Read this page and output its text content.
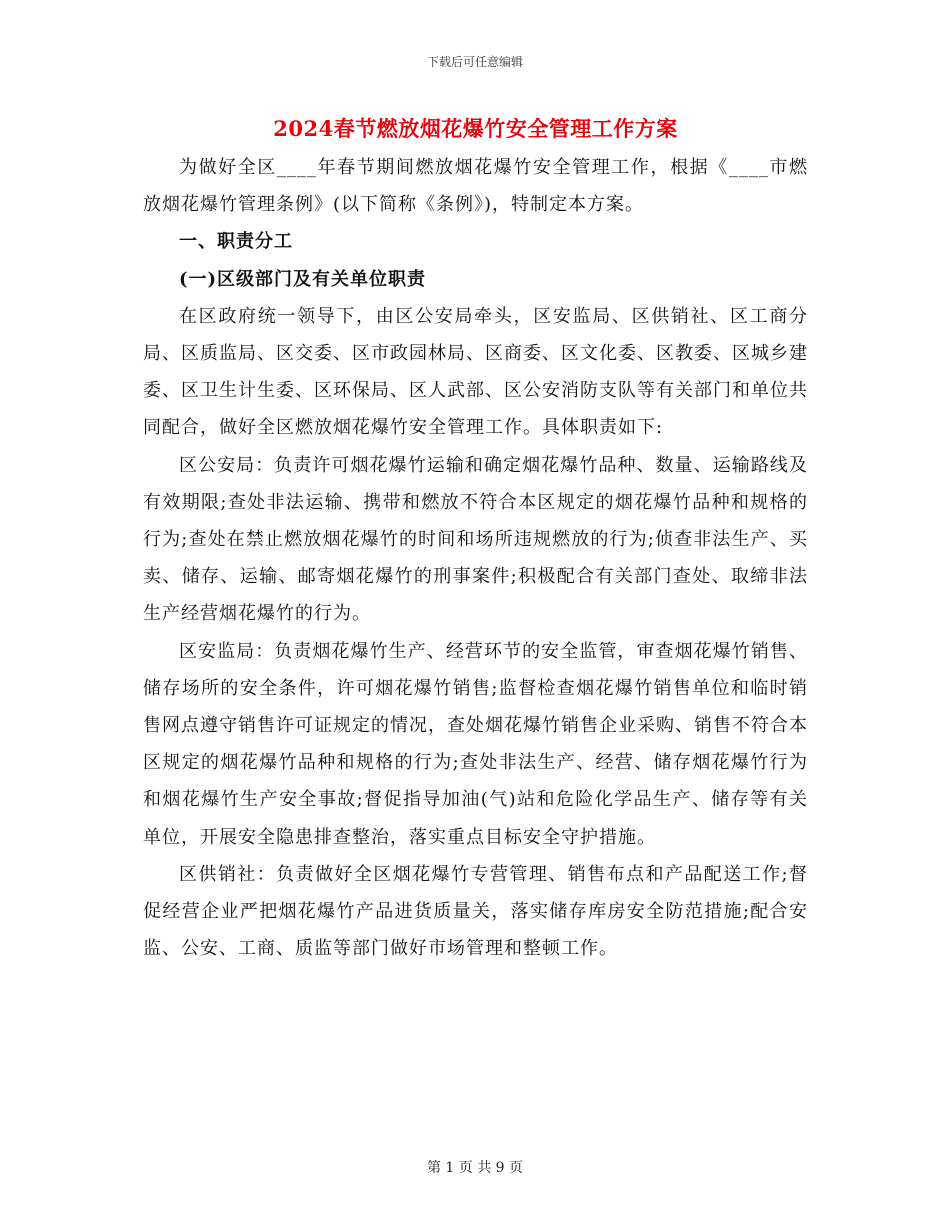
下载后可任意编辑
2024春节燃放烟花爆竹安全管理工作方案

为做好全区____年春节期间燃放烟花爆竹安全管理工作，根据《____市燃放烟花爆竹管理条例》(以下简称《条例》)，特制定本方案。

一、职责分工

(一)区级部门及有关单位职责

在区政府统一领导下，由区公安局牵头，区安监局、区供销社、区工商分局、区质监局、区交委、区市政园林局、区商委、区文化委、区教委、区城乡建委、区卫生计生委、区环保局、区人武部、区公安消防支队等有关部门和单位共同配合，做好全区燃放烟花爆竹安全管理工作。具体职责如下:

区公安局：负责许可烟花爆竹运输和确定烟花爆竹品种、数量、运输路线及有效期限;查处非法运输、携带和燃放不符合本区规定的烟花爆竹品种和规格的行为;查处在禁止燃放烟花爆竹的时间和场所违规燃放的行为;侦查非法生产、买卖、储存、运输、邮寄烟花爆竹的刑事案件;积极配合有关部门查处、取缔非法生产经营烟花爆竹的行为。

区安监局：负责烟花爆竹生产、经营环节的安全监管，审查烟花爆竹销售、储存场所的安全条件，许可烟花爆竹销售;监督检查烟花爆竹销售单位和临时销售网点遵守销售许可证规定的情况，查处烟花爆竹销售企业采购、销售不符合本区规定的烟花爆竹品种和规格的行为;查处非法生产、经营、储存烟花爆竹行为和烟花爆竹生产安全事故;督促指导加油(气)站和危险化学品生产、储存等有关单位，开展安全隐患排查整治，落实重点目标安全守护措施。

区供销社：负责做好全区烟花爆竹专营管理、销售布点和产品配送工作;督促经营企业严把烟花爆竹产品进货质量关，落实储存库房安全防范措施;配合安监、公安、工商、质监等部门做好市场管理和整顿工作。

第 1 页 共 9 页
